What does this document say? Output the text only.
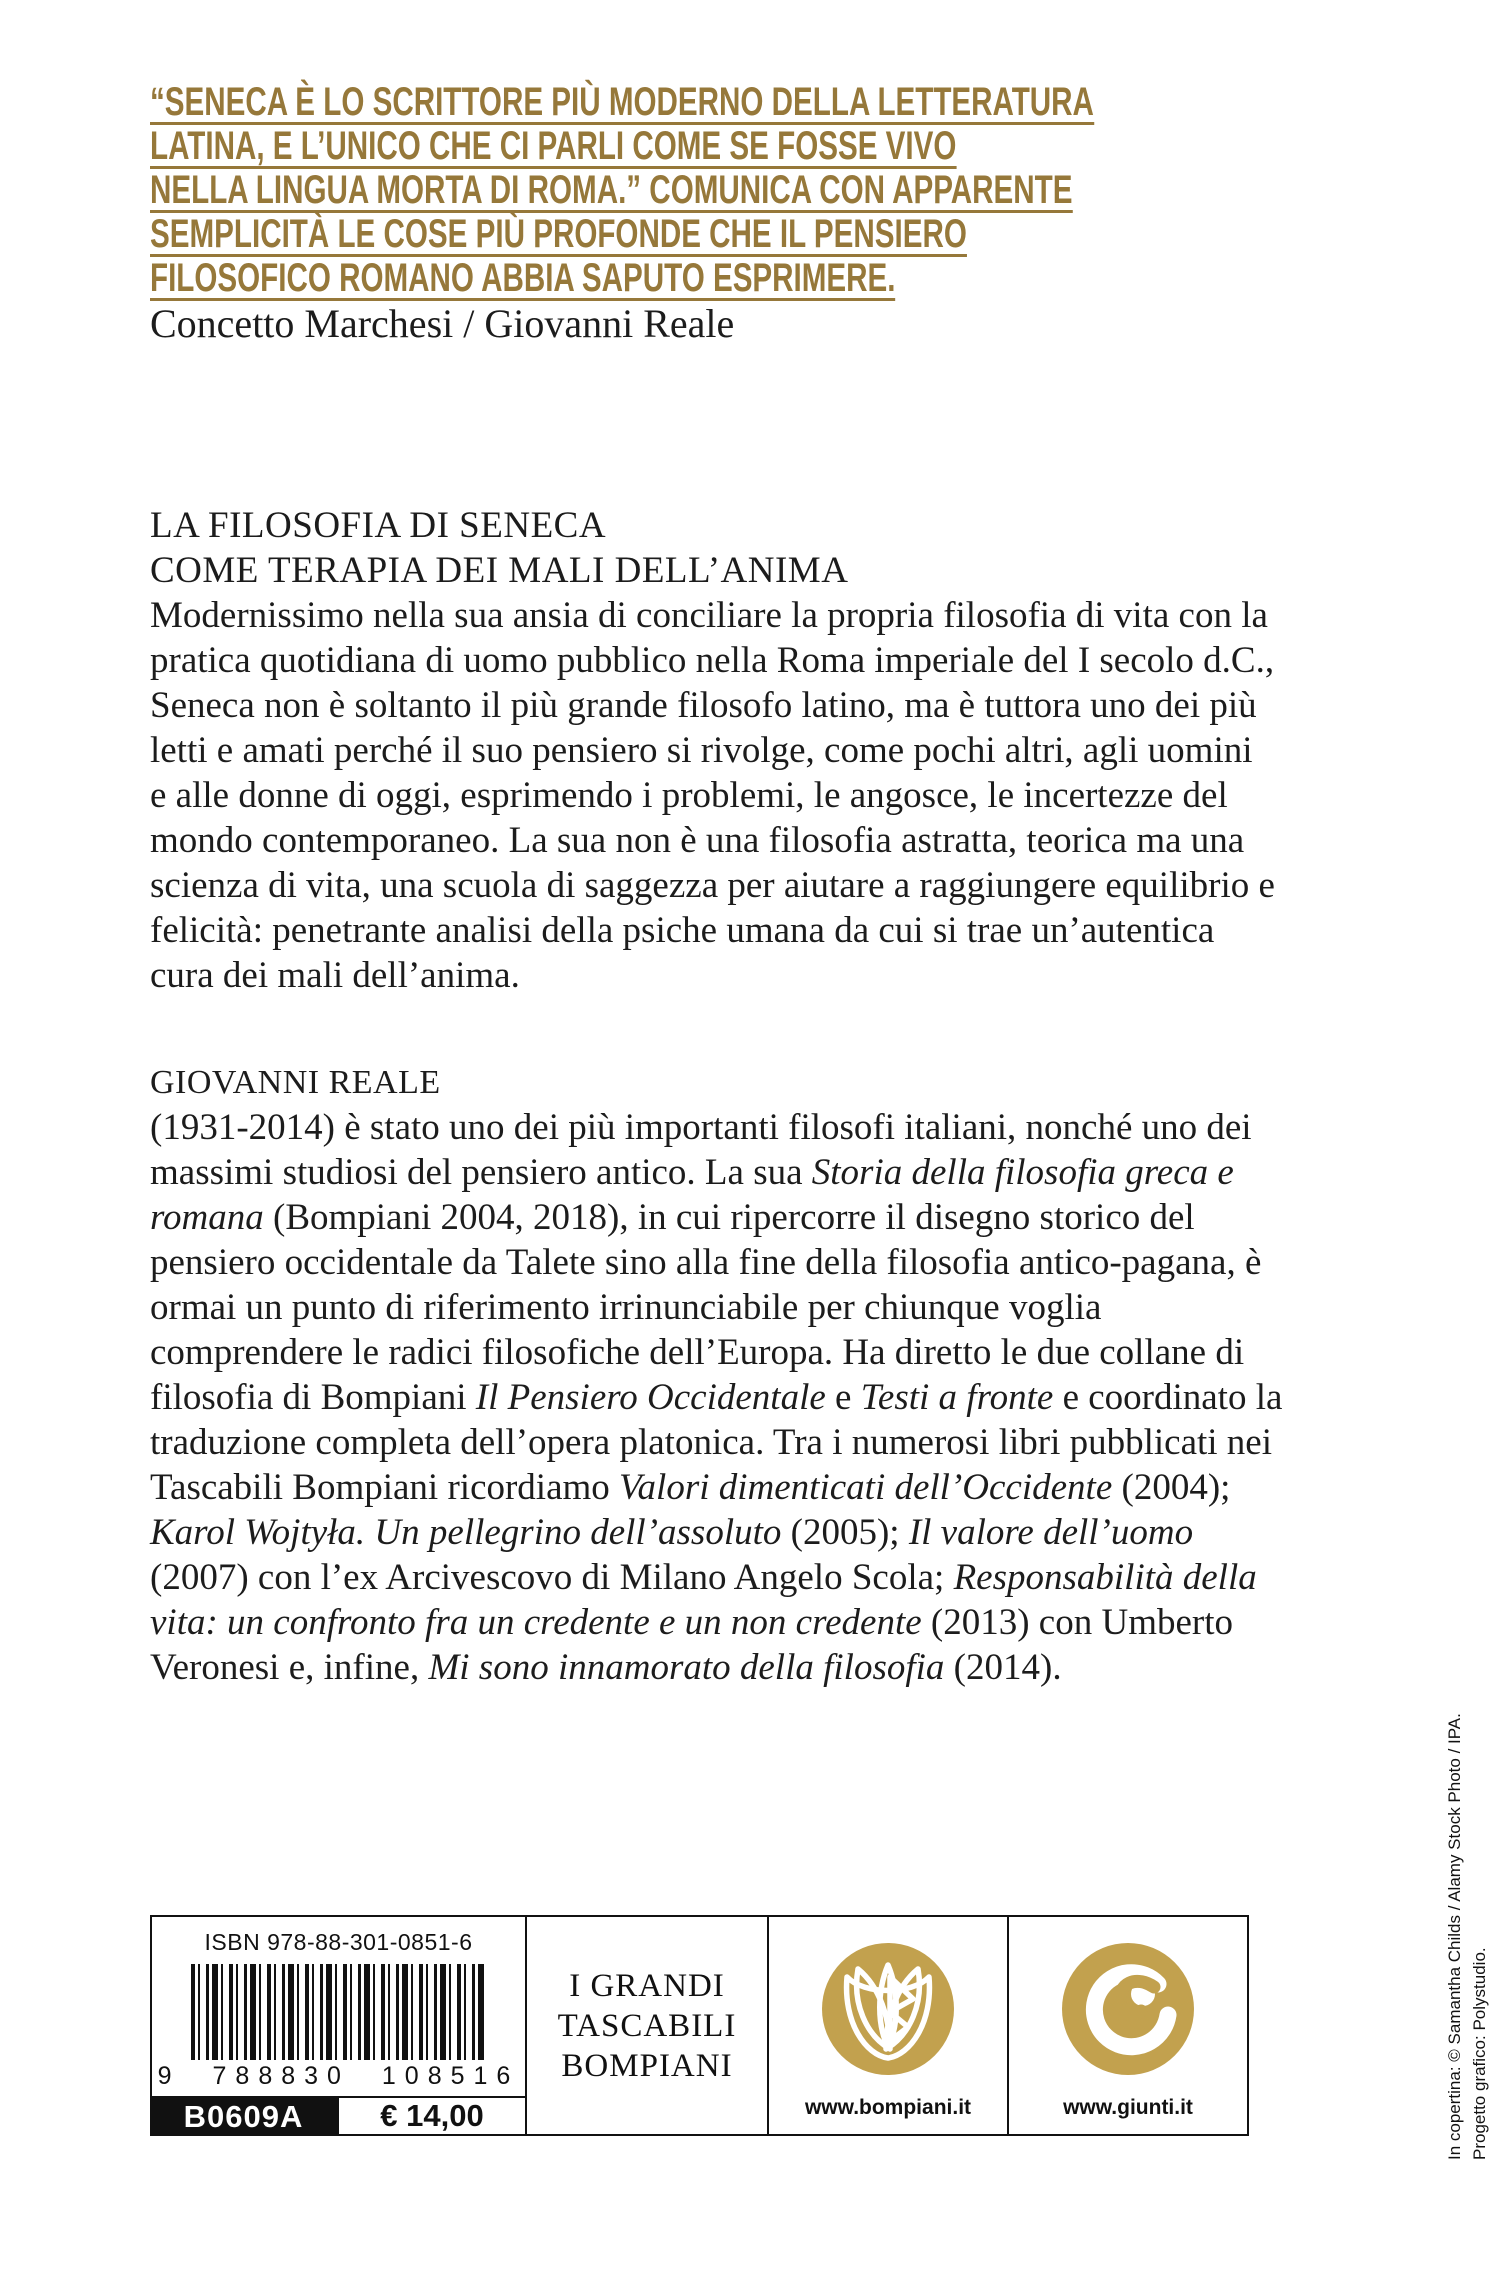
“SENECA È LO SCRITTORE PIÙ MODERNO DELLA LETTERATURA
LATINA, E L’UNICO CHE CI PARLI COME SE FOSSE VIVO
NELLA LINGUA MORTA DI ROMA.” COMUNICA CON APPARENTE
SEMPLICITÀ LE COSE PIÙ PROFONDE CHE IL PENSIERO
FILOSOFICO ROMANO ABBIA SAPUTO ESPRIMERE.
Concetto Marchesi / Giovanni Reale
LA FILOSOFIA DI SENECA
COME TERAPIA DEI MALI DELL’ANIMA

Modernissimo nella sua ansia di conciliare la propria filosofia di vita con la pratica quotidiana di uomo pubblico nella Roma imperiale del I secolo d.C., Seneca non è soltanto il più grande filosofo latino, ma è tuttora uno dei più letti e amati perché il suo pensiero si rivolge, come pochi altri, agli uomini e alle donne di oggi, esprimendo i problemi, le angosce, le incertezze del mondo contemporaneo. La sua non è una filosofia astratta, teorica ma una scienza di vita, una scuola di saggezza per aiutare a raggiungere equilibrio e felicità: penetrante analisi della psiche umana da cui si trae un’autentica cura dei mali dell’anima.

GIOVANNI REALE

(1931-2014) è stato uno dei più importanti filosofi italiani, nonché uno dei massimi studiosi del pensiero antico. La sua Storia della filosofia greca e romana (Bompiani 2004, 2018), in cui ripercorre il disegno storico del pensiero occidentale da Talete sino alla fine della filosofia antico-pagana, è ormai un punto di riferimento irrinunciabile per chiunque voglia comprendere le radici filosofiche dell’Europa. Ha diretto le due collane di filosofia di Bompiani Il Pensiero Occidentale e Testi a fronte e coordinato la traduzione completa dell’opera platonica. Tra i numerosi libri pubblicati nei Tascabili Bompiani ricordiamo Valori dimenticati dell’Occidente (2004); Karol Wojtyła. Un pellegrino dell’assoluto (2005); Il valore dell’uomo (2007) con l’ex Arcivescovo di Milano Angelo Scola; Responsabilità della vita: un confronto fra un credente e un non credente (2013) con Umberto Veronesi e, infine, Mi sono innamorato della filosofia (2014).

ISBN 978-88-301-0851-6
9 788830 108516
B0609A	€ 14,00
I GRANDI
TASCABILI
BOMPIANI
www.bompiani.it	www.giunti.it	In copertina: © Samantha Childs / Alamy Stock Photo / IPA. Progetto grafico: Polystudio.
